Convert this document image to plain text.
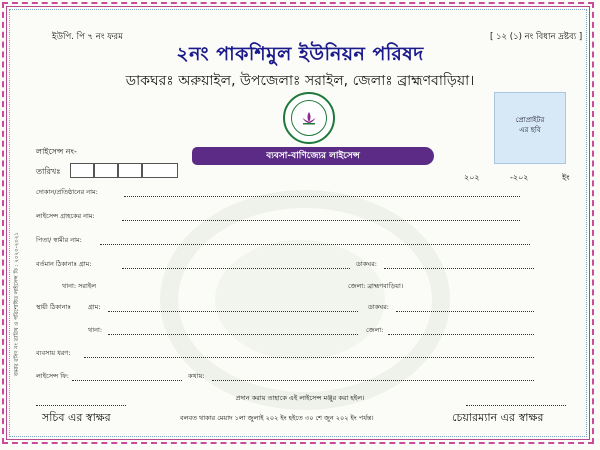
ইউপি. পি ৭ নং ফরম	[ ১২ (১) নং বিধান দ্রষ্টব্য ]
২নং পাকশিমুল ইউনিয়ন পরিষদ
ডাকঘরঃ অরুয়াইল, উপজেলাঃ সরাইল, জেলাঃ ব্রাহ্মণবাড়িয়া।
প্রোপ্রাইটর
এর ছবি
লাইসেন্স নং-	ব্যবসা-বাণিজ্যের লাইসেন্স
তারিখঃ
২০২	-২০২	ইং
জমার রসিদ নং তারিখ ও পরিশোধিত লাইসেন্স ফি : ২০২০-২০২১
দোকান/প্রতিষ্ঠানের নাম:
লাইসেন্স গ্রাহকের নাম:
পিতা/ স্বামীর নাম:
বর্তমান ঠিকানাঃ গ্রাম:	ডাকঘর:
থানা: সরাইল	জেলা: ব্রাহ্মণবাড়িয়া।
স্থায়ী ঠিকানাঃ	গ্রাম:	ডাকঘর:
থানা:	জেলা:
ব্যবসায় ধরণ:
লাইসেন্স ফি:	কথায়:
প্রদান করায় তাহাকে এই লাইসেন্স মঞ্জুর করা হইল।
সচিব এর স্বাক্ষর	বলবত থাকার মেয়াদ ১লা জুলাই ২০২ ইং হইতে ৩০ শে জুন ২০২ ইং পর্যন্ত।	চেয়ারম্যান এর স্বাক্ষর
